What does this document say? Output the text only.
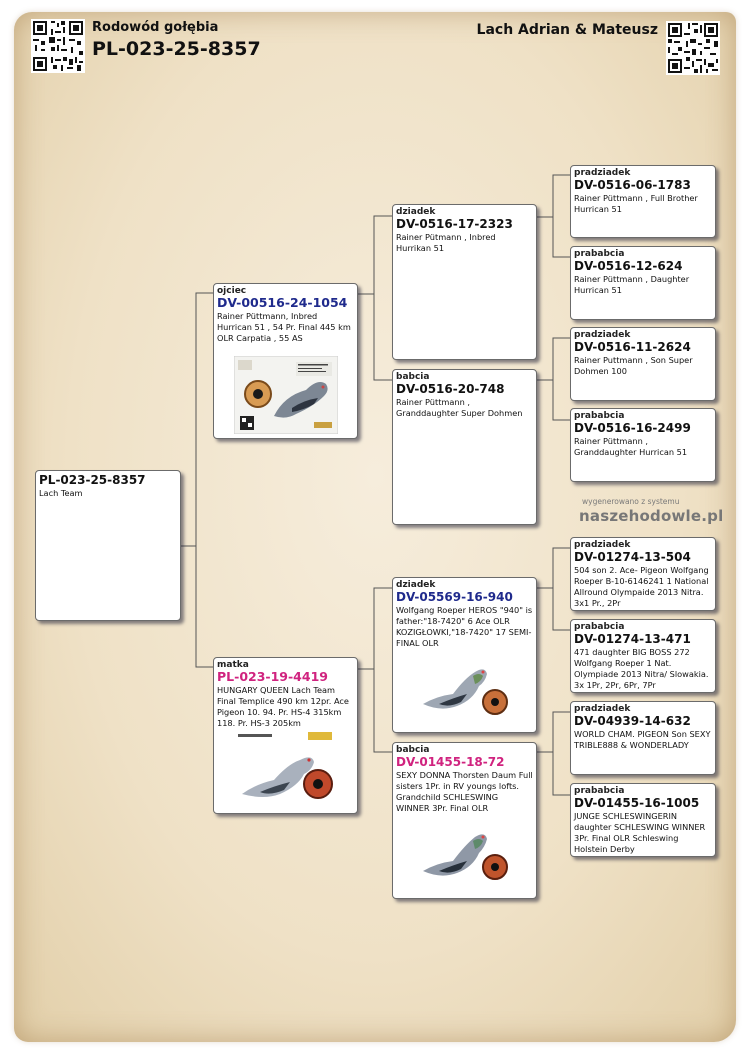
Rodowód gołębia
PL-023-25-8357
Lach Adrian & Mateusz
PL-023-25-8357
Lach Team
ojciec
DV-00516-24-1054
Rainer Püttmann, Inbred Hurrican 51 , 54 Pr. Final 445 km OLR Carpatia , 55 AS
matka
PL-023-19-4419
HUNGARY QUEEN Lach Team Final Templice 490 km 12pr. Ace Pigeon 10. 94. Pr. HS-4 315km 118. Pr. HS-3 205km
dziadek
DV-0516-17-2323
Rainer Pütmann , Inbred Hurrikan 51
babcia
DV-0516-20-748
Rainer Püttmann , Granddaughter Super Dohmen
dziadek
DV-05569-16-940
Wolfgang Roeper HEROS "940" is father:"18-7420" 6 Ace OLR KOZIGŁOWKI,"18-7420" 17 SEMI-FINAL OLR
babcia
DV-01455-18-72
SEXY DONNA Thorsten Daum Full sisters 1Pr. in RV youngs lofts. Grandchild SCHLESWING WINNER 3Pr. Final OLR
pradziadek
DV-0516-06-1783
Rainer Püttmann , Full Brother Hurrican 51
prababcia
DV-0516-12-624
Rainer Püttmann , Daughter Hurrican 51
pradziadek
DV-0516-11-2624
Rainer Puttmann , Son Super Dohmen 100
prababcia
DV-0516-16-2499
Rainer Püttmann , Granddaughter Hurrican 51
wygenerowano z systemu
naszehodowle.pl
pradziadek
DV-01274-13-504
504 son 2. Ace- Pigeon Wolfgang Roeper B-10-6146241 1 National Allround Olympaide 2013 Nitra. 3x1 Pr., 2Pr
prababcia
DV-01274-13-471
471 daughter BIG BOSS 272 Wolfgang Roeper 1 Nat. Olympiade 2013 Nitra/ Slowakia. 3x 1Pr, 2Pr, 6Pr, 7Pr
pradziadek
DV-04939-14-632
WORLD CHAM. PIGEON Son SEXY TRIBLE888 & WONDERLADY
prababcia
DV-01455-16-1005
JUNGE SCHLESWINGERIN daughter SCHLESWING WINNER 3Pr. Final OLR Schleswing Holstein Derby
